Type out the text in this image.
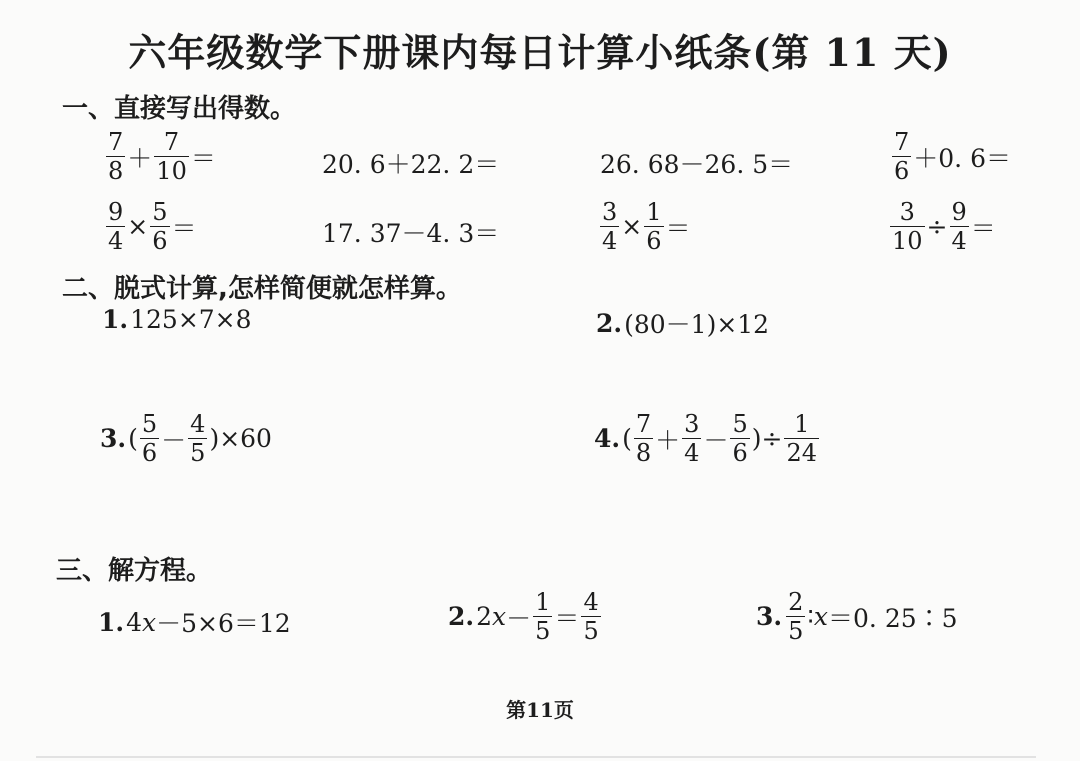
六年级数学下册课内每日计算小纸条(第 11 天)
一、直接写出得数。
$\frac{7}{8} + \frac{7}{10}$ ＝	20. 6＋22. 2＝	26. 68－26. 5＝	$\frac{7}{6} +0$. 6＝
$\frac{9}{4} \times \frac{5}{6}$ ＝	17. 37－4. 3＝	$\frac{3}{4} \times \frac{1}{6}$ ＝	$\frac{3}{10} \div \frac{9}{4}$ ＝
二、脱式计算,怎样简便就怎样算。
1. 125×7×8	2. (80－1)×12
3. ( $\frac{5}{6} - \frac{4}{5} )\times 60$	4. ( $\frac{7}{8} + \frac{3}{4} - \frac{5}{6}$ )÷ $\frac{1}{24}$
三、解方程。
1. 4 x －5×6＝12	2. 2 $x - \frac{1}{5} = \frac{4}{5}$	3. $\frac{2}{5}$ ∶ x ＝0. 25∶5
第11页
